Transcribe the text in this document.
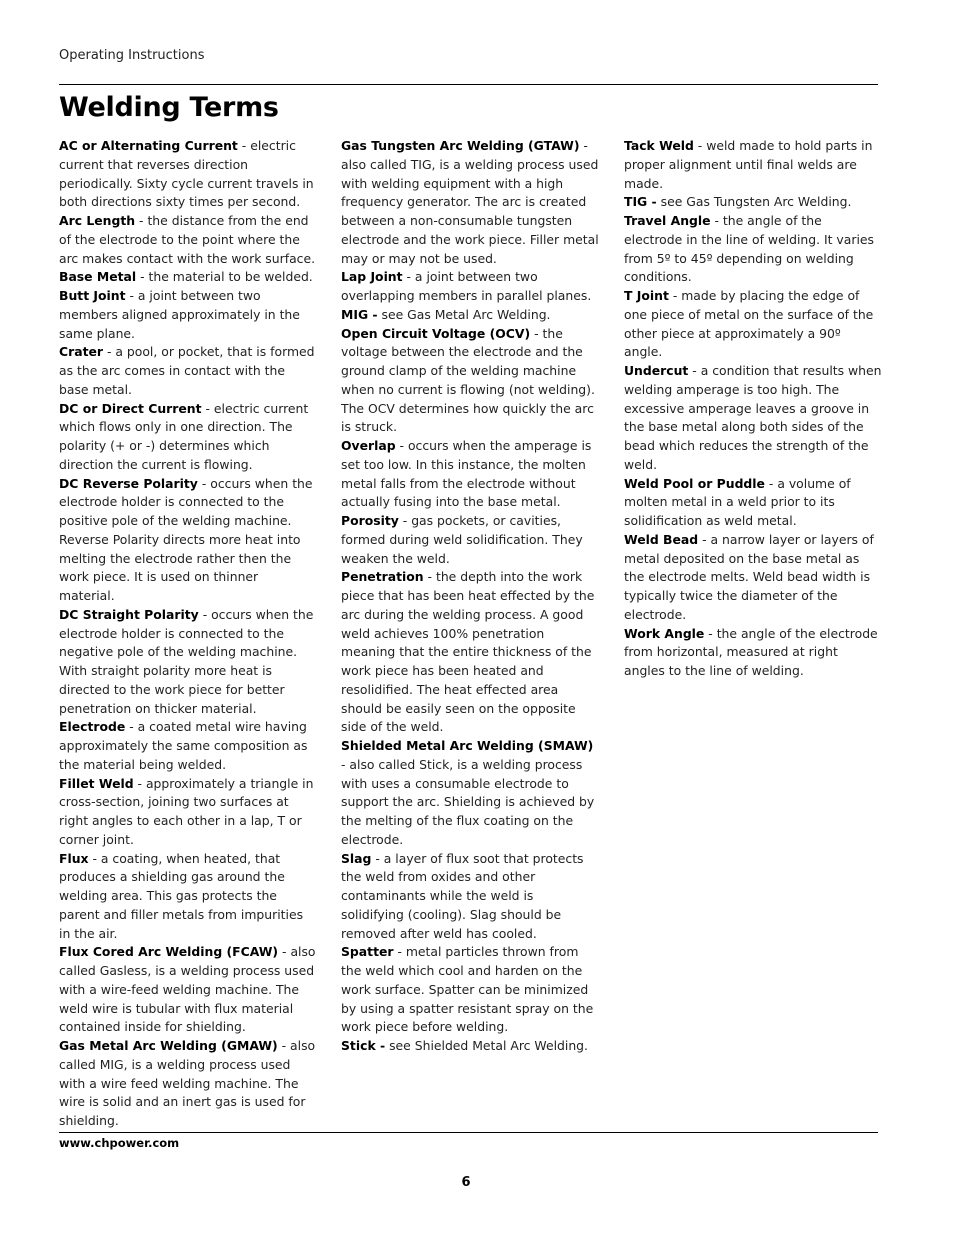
Operating Instructions
Welding Terms

AC or Alternating Current - electric current that reverses direction periodically. Sixty cycle current travels in both directions sixty times per second.

Arc Length - the distance from the end of the electrode to the point where the arc makes contact with the work surface.

Base Metal - the material to be welded.

Butt Joint - a joint between two members aligned approximately in the same plane.

Crater - a pool, or pocket, that is formed as the arc comes in contact with the base metal.

DC or Direct Current - electric current which flows only in one direction. The polarity (+ or -) determines which direction the current is flowing.

DC Reverse Polarity - occurs when the electrode holder is connected to the positive pole of the welding machine. Reverse Polarity directs more heat into melting the electrode rather then the work piece. It is used on thinner material.

DC Straight Polarity - occurs when the electrode holder is connected to the negative pole of the welding machine. With straight polarity more heat is directed to the work piece for better penetration on thicker material.

Electrode - a coated metal wire having approximately the same composition as the material being welded.

Fillet Weld - approximately a triangle in cross-section, joining two surfaces at right angles to each other in a lap, T or corner joint.

Flux - a coating, when heated, that produces a shielding gas around the welding area. This gas protects the parent and filler metals from impurities in the air.

Flux Cored Arc Welding (FCAW) - also called Gasless, is a welding process used with a wire-feed welding machine. The weld wire is tubular with flux material contained inside for shielding.

Gas Metal Arc Welding (GMAW) - also called MIG, is a welding process used with a wire feed welding machine. The wire is solid and an inert gas is used for shielding.

Gas Tungsten Arc Welding (GTAW) - also called TIG, is a welding process used with welding equipment with a high frequency generator. The arc is created between a non-consumable tungsten electrode and the work piece. Filler metal may or may not be used.

Lap Joint - a joint between two overlapping members in parallel planes.

MIG - see Gas Metal Arc Welding.

Open Circuit Voltage (OCV) - the voltage between the electrode and the ground clamp of the welding machine when no current is flowing (not welding). The OCV determines how quickly the arc is struck.

Overlap - occurs when the amperage is set too low. In this instance, the molten metal falls from the electrode without actually fusing into the base metal.

Porosity - gas pockets, or cavities, formed during weld solidification. They weaken the weld.

Penetration - the depth into the work piece that has been heat effected by the arc during the welding process. A good weld achieves 100% penetration meaning that the entire thickness of the work piece has been heated and resolidified. The heat effected area should be easily seen on the opposite side of the weld.

Shielded Metal Arc Welding (SMAW) - also called Stick, is a welding process with uses a consumable electrode to support the arc. Shielding is achieved by the melting of the flux coating on the electrode.

Slag - a layer of flux soot that protects the weld from oxides and other contaminants while the weld is solidifying (cooling). Slag should be removed after weld has cooled.

Spatter - metal particles thrown from the weld which cool and harden on the work surface. Spatter can be minimized by using a spatter resistant spray on the work piece before welding.

Stick - see Shielded Metal Arc Welding.

Tack Weld - weld made to hold parts in proper alignment until final welds are made.

TIG - see Gas Tungsten Arc Welding.

Travel Angle - the angle of the electrode in the line of welding. It varies from 5º to 45º depending on welding conditions.

T Joint - made by placing the edge of one piece of metal on the surface of the other piece at approximately a 90º angle.

Undercut - a condition that results when welding amperage is too high. The excessive amperage leaves a groove in the base metal along both sides of the bead which reduces the strength of the weld.

Weld Pool or Puddle - a volume of molten metal in a weld prior to its solidification as weld metal.

Weld Bead - a narrow layer or layers of metal deposited on the base metal as the electrode melts. Weld bead width is typically twice the diameter of the electrode.

Work Angle - the angle of the electrode from horizontal, measured at right angles to the line of welding.

www.chpower.com
6
